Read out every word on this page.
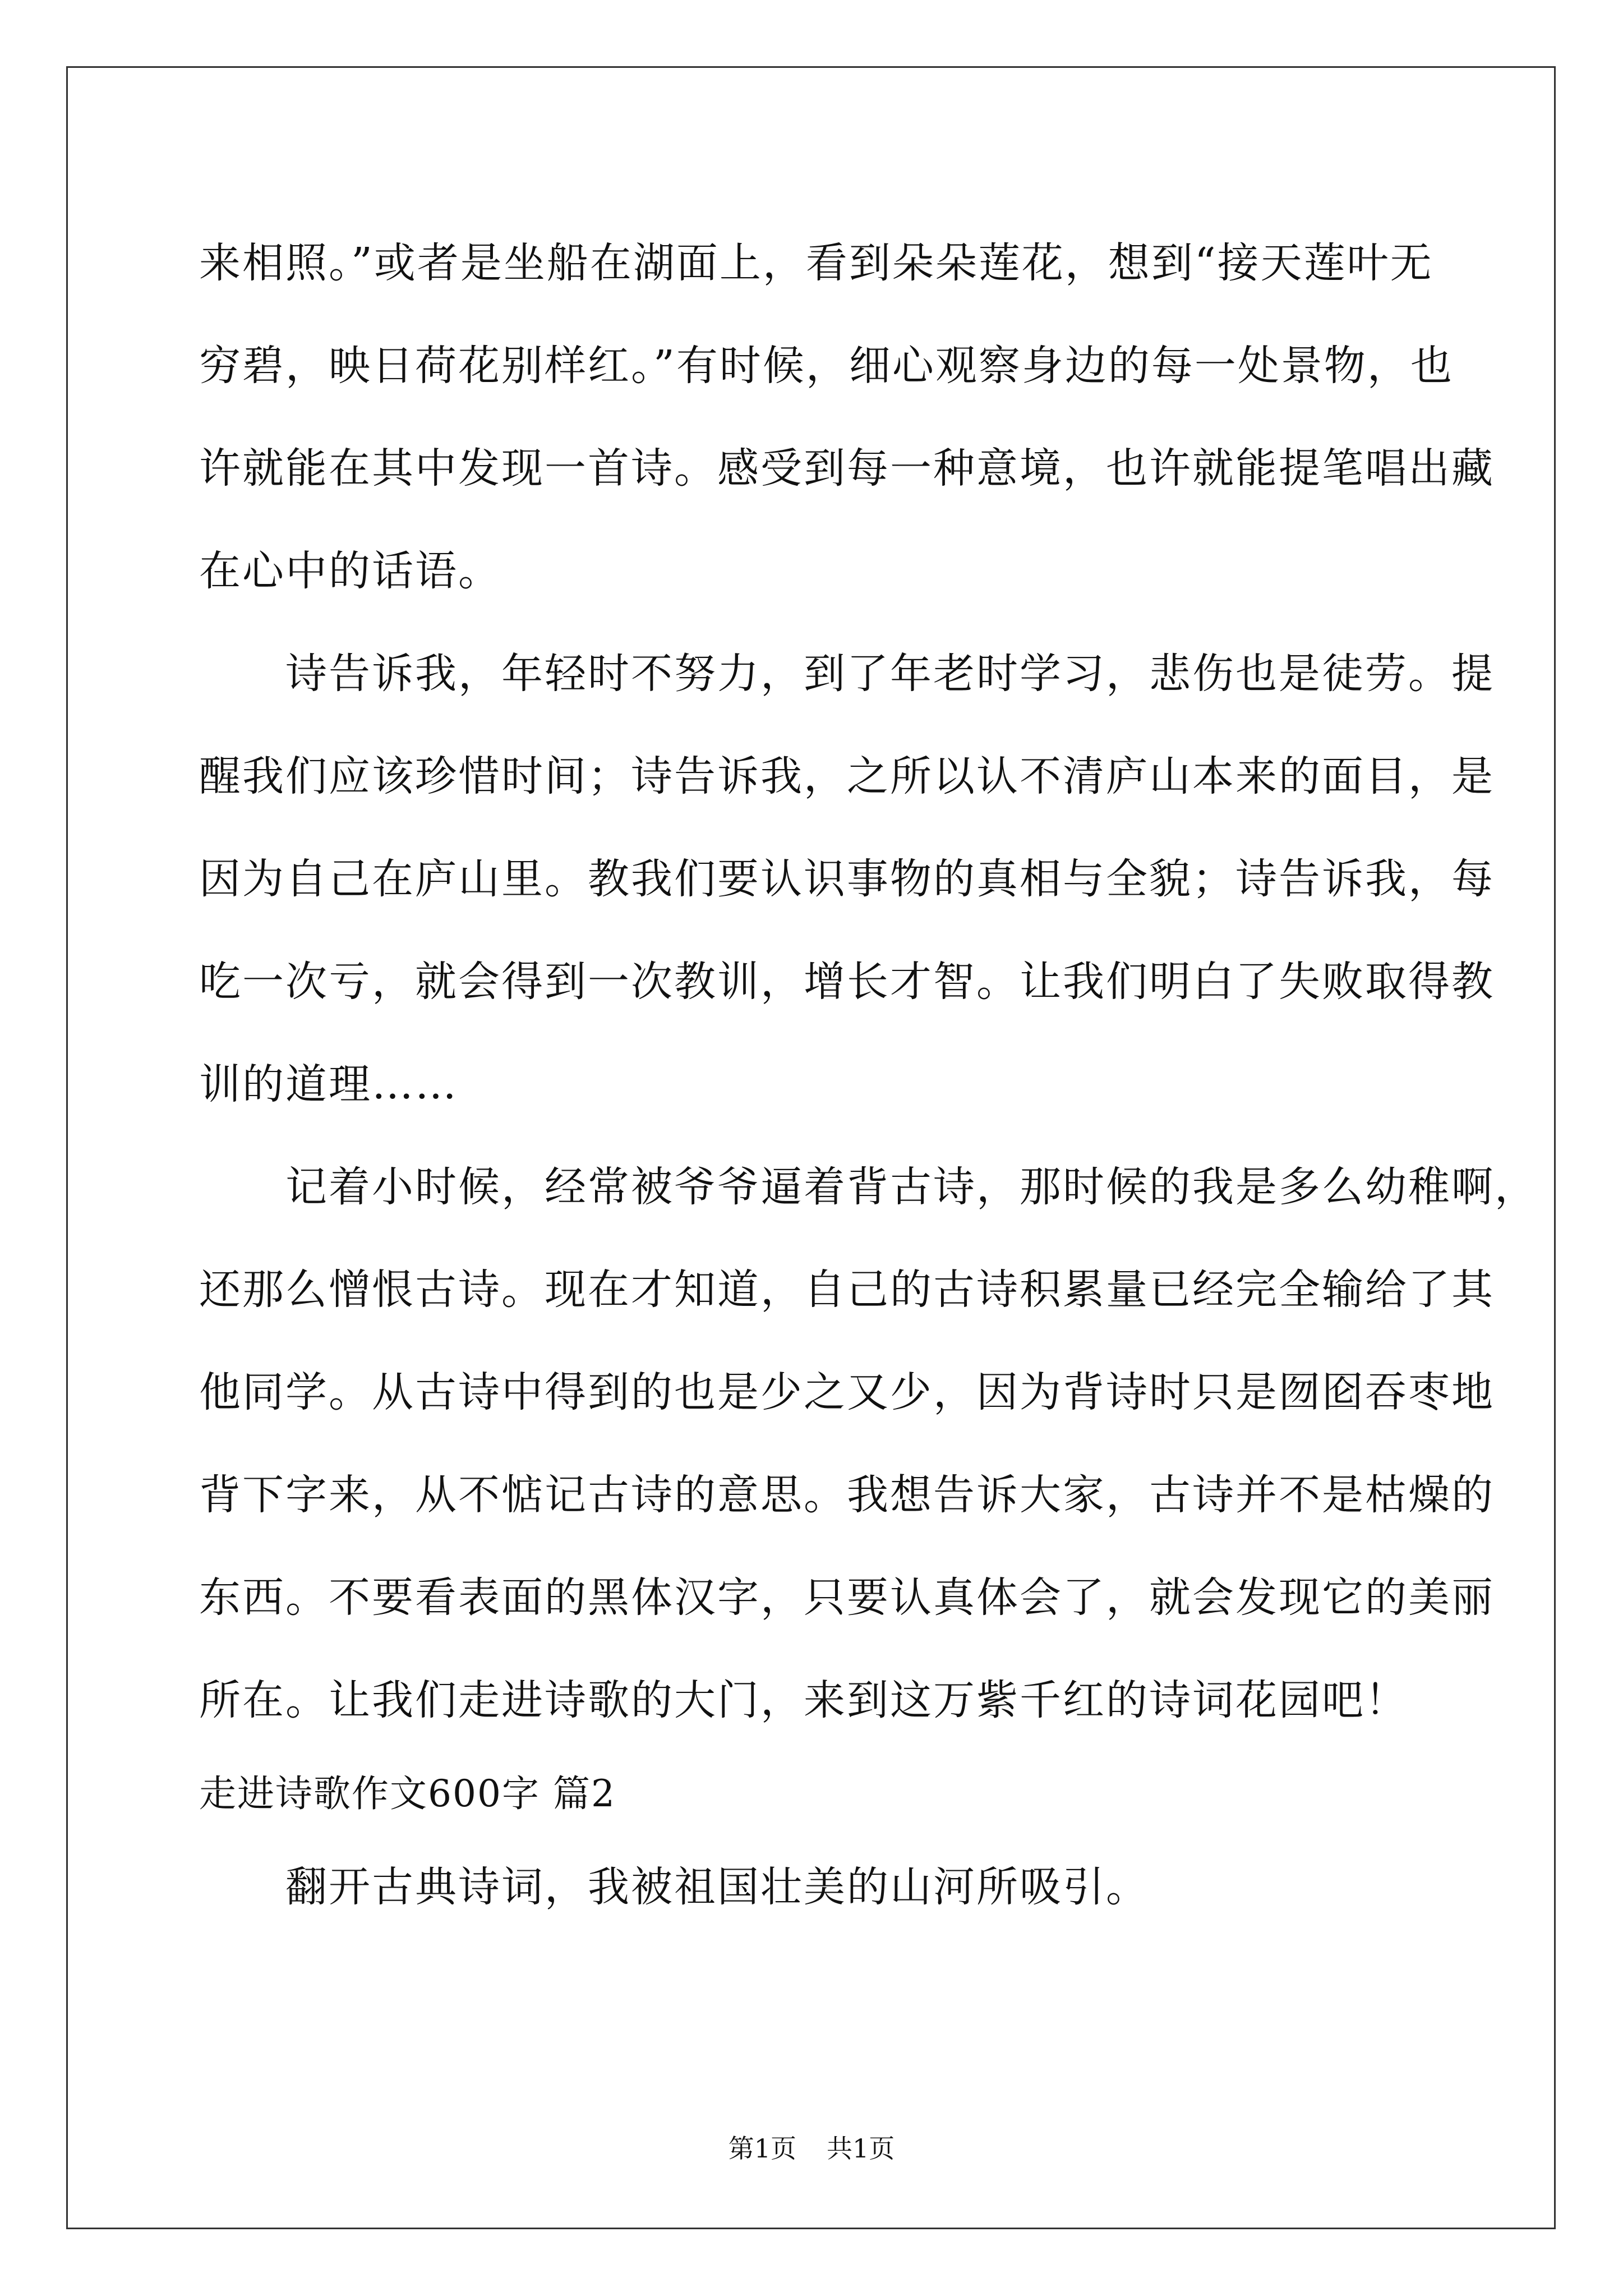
来相照。”或者是坐船在湖面上，看到朵朵莲花，想到“接天莲叶无
穷碧，映日荷花别样红。”有时候，细心观察身边的每一处景物，也
许就能在其中发现一首诗。感受到每一种意境，也许就能提笔唱出藏
在心中的话语。
　　诗告诉我，年轻时不努力，到了年老时学习，悲伤也是徒劳。提
醒我们应该珍惜时间；诗告诉我，之所以认不清庐山本来的面目，是
因为自己在庐山里。教我们要认识事物的真相与全貌；诗告诉我，每
吃一次亏，就会得到一次教训，增长才智。让我们明白了失败取得教
训的道理……
　　记着小时候，经常被爷爷逼着背古诗，那时候的我是多么幼稚啊，
还那么憎恨古诗。现在才知道，自己的古诗积累量已经完全输给了其
他同学。从古诗中得到的也是少之又少，因为背诗时只是囫囵吞枣地
背下字来，从不惦记古诗的意思。我想告诉大家，古诗并不是枯燥的
东西。不要看表面的黑体汉字，只要认真体会了，就会发现它的美丽
所在。让我们走进诗歌的大门，来到这万紫千红的诗词花园吧！
走进诗歌作文600字 篇2
　　翻开古典诗词，我被祖国壮美的山河所吸引。
第1页 共1页
